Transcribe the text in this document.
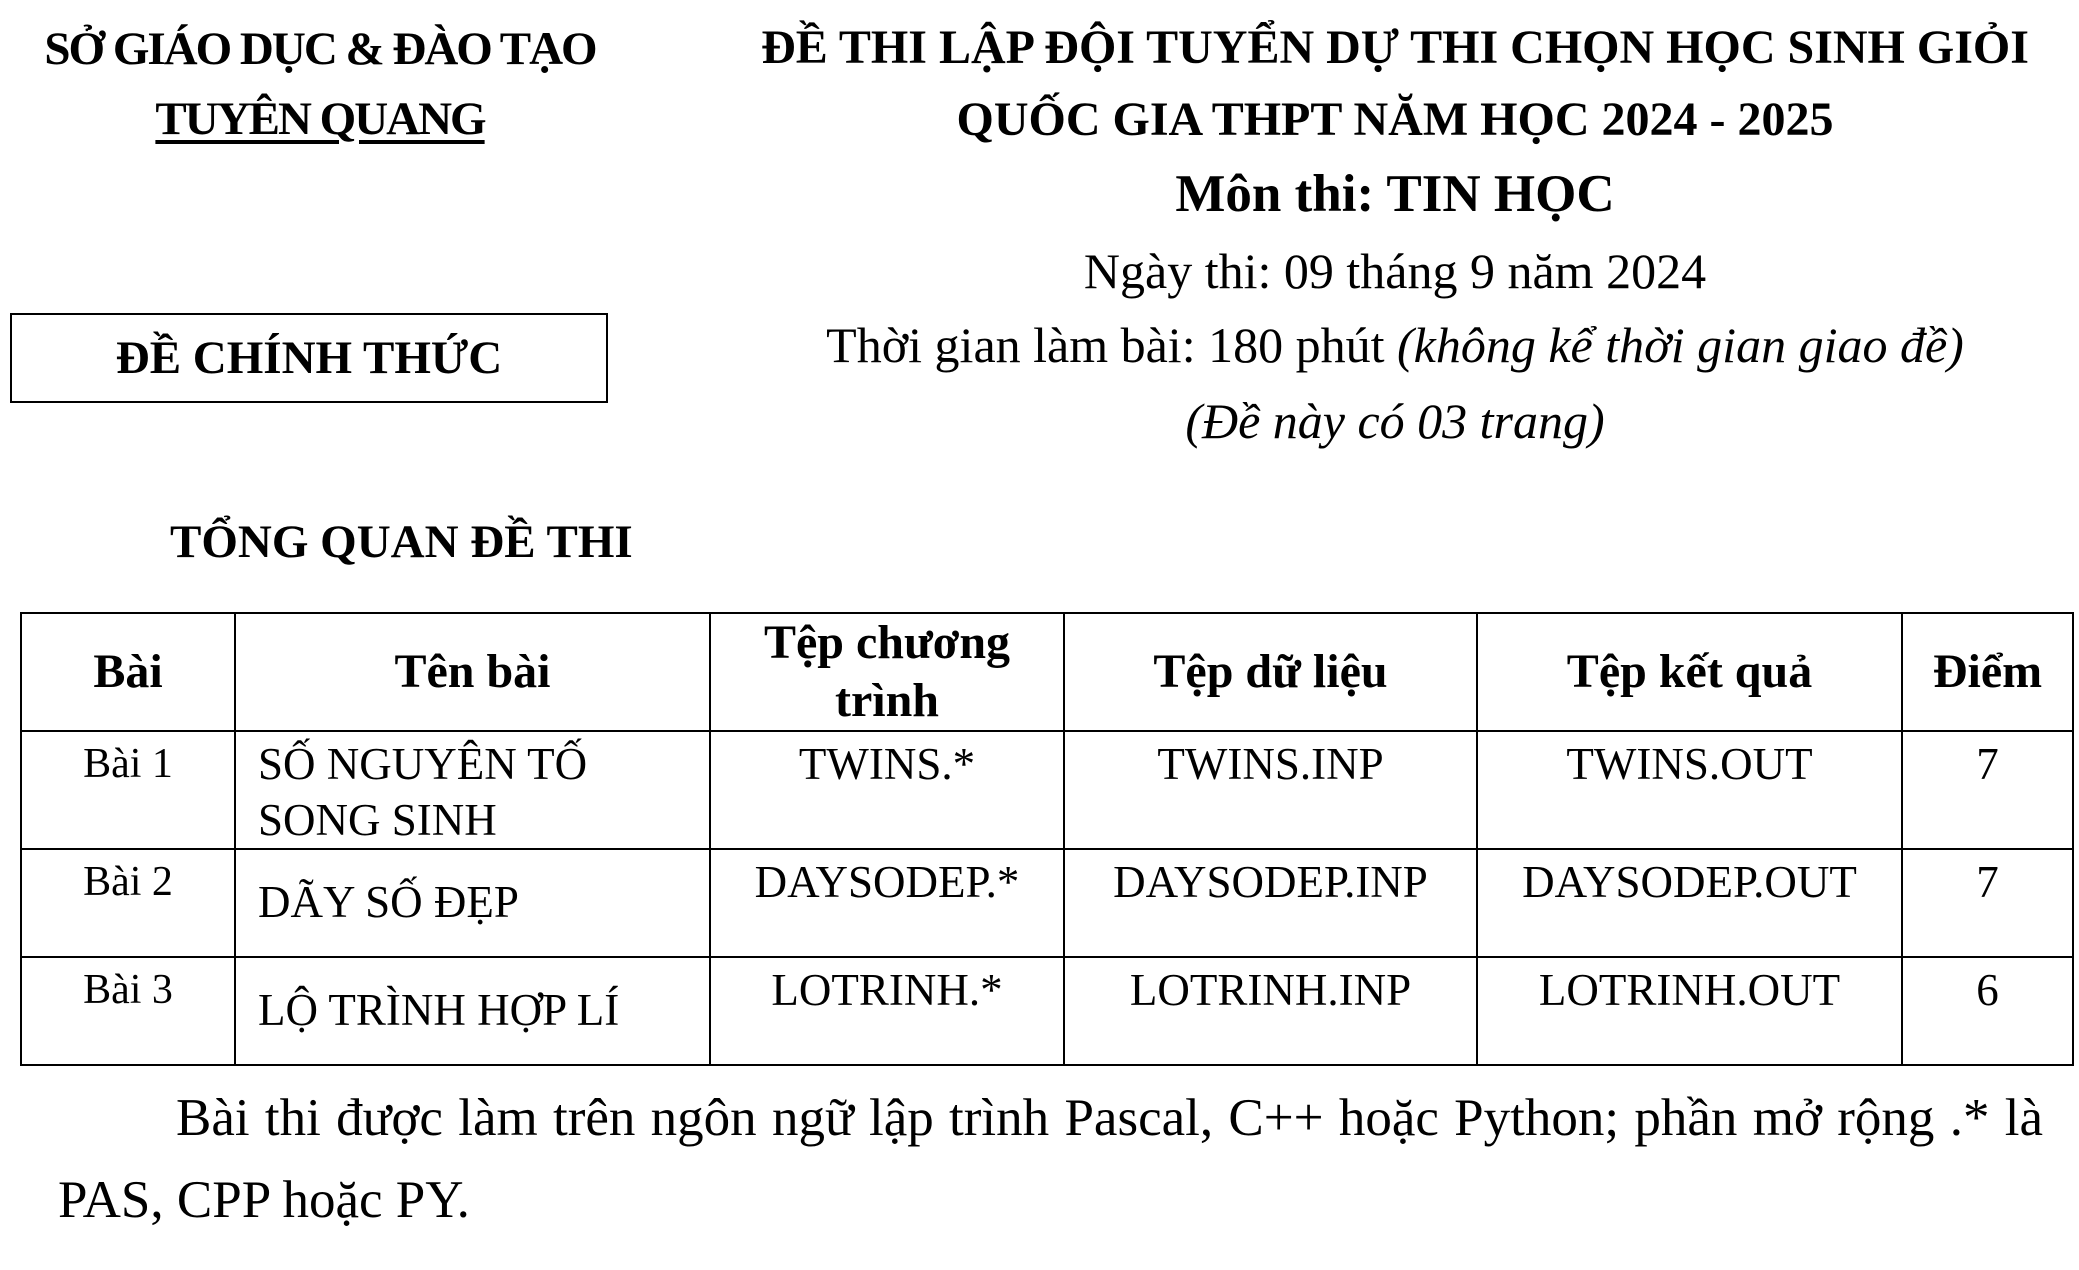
SỞ GIÁO DỤC & ĐÀO TẠO
TUYÊN QUANG
ĐỀ THI LẬP ĐỘI TUYỂN DỰ THI CHỌN HỌC SINH GIỎI
QUỐC GIA THPT NĂM HỌC 2024 - 2025
Môn thi: TIN HỌC
Ngày thi: 09 tháng 9 năm 2024
Thời gian làm bài: 180 phút (không kể thời gian giao đề)
(Đề này có 03 trang)
ĐỀ CHÍNH THỨC
TỔNG QUAN ĐỀ THI
Bài	Tên bài	Tệp chương trình	Tệp dữ liệu	Tệp kết quả	Điểm
Bài 1	SỐ NGUYÊN TỐ SONG SINH	TWINS.*	TWINS.INP	TWINS.OUT	7
Bài 2	DÃY SỐ ĐẸP	DAYSODEP.*	DAYSODEP.INP	DAYSODEP.OUT	7
Bài 3	LỘ TRÌNH HỢP LÍ	LOTRINH.*	LOTRINH.INP	LOTRINH.OUT	6
Bài thi được làm trên ngôn ngữ lập trình Pascal, C++ hoặc Python; phần mở rộng .* là PAS, CPP hoặc PY.
